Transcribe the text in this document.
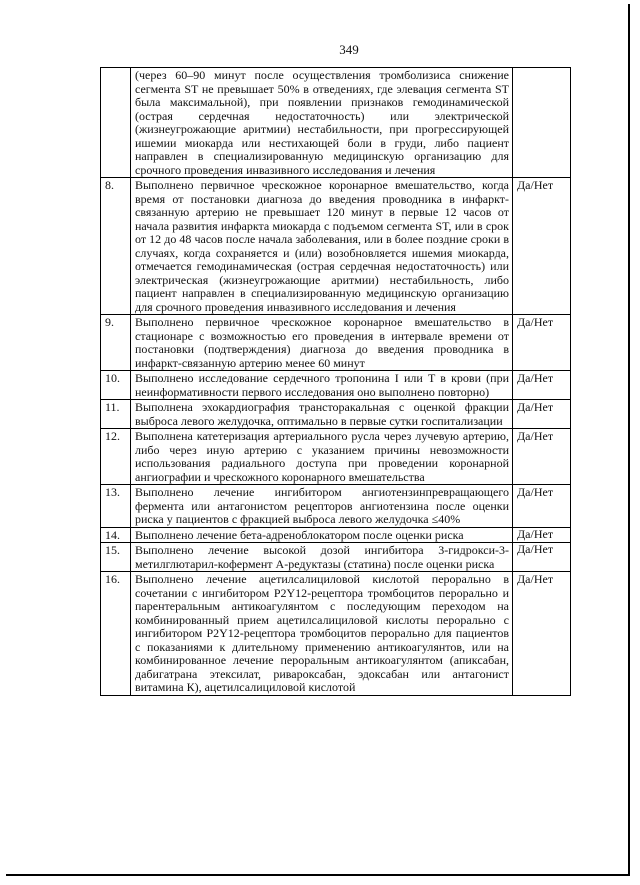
349
	(через 60–90 минут после осуществления тромболизиса снижение сегмента ST не превышает 50% в отведениях, где элевация сегмента ST была максимальной), при появлении признаков гемодинамической (острая сердечная недостаточность) или электрической (жизнеугрожающие аритмии) нестабильности, при прогрессирующей ишемии миокарда или нестихающей боли в груди, либо пациент направлен в специализированную медицинскую организацию для срочного проведения инвазивного исследования и лечения	
8.	Выполнено первичное чрескожное коронарное вмешательство, когда время от постановки диагноза до введения проводника в инфаркт-связанную артерию не превышает 120 минут в первые 12 часов от начала развития инфаркта миокарда с подъемом сегмента ST, или в срок от 12 до 48 часов после начала заболевания, или в более поздние сроки в случаях, когда сохраняется и (или) возобновляется ишемия миокарда, отмечается гемодинамическая (острая сердечная недостаточность) или электрическая (жизнеугрожающие аритмии) нестабильность, либо пациент направлен в специализированную медицинскую организацию для срочного проведения инвазивного исследования и лечения	Да/Нет
9.	Выполнено первичное чрескожное коронарное вмешательство в стационаре с возможностью его проведения в интервале времени от постановки (подтверждения) диагноза до введения проводника в инфаркт-связанную артерию менее 60 минут	Да/Нет
10.	Выполнено исследование сердечного тропонина I или T в крови (при неинформативности первого исследования оно выполнено повторно)	Да/Нет
11.	Выполнена эхокардиография трансторакальная с оценкой фракции выброса левого желудочка, оптимально в первые сутки госпитализации	Да/Нет
12.	Выполнена катетеризация артериального русла через лучевую артерию, либо через иную артерию с указанием причины невозможности использования радиального доступа при проведении коронарной ангиографии и чрескожного коронарного вмешательства	Да/Нет
13.	Выполнено лечение ингибитором ангиотензинпревращающего фермента или антагонистом рецепторов ангиотензина после оценки риска у пациентов с фракцией выброса левого желудочка ≤40%	Да/Нет
14.	Выполнено лечение бета-адреноблокатором после оценки риска	Да/Нет
15.	Выполнено лечение высокой дозой ингибитора 3-гидрокси-3-метилглютарил-кофермент А-редуктазы (статина) после оценки риска	Да/Нет
16.	Выполнено лечение ацетилсалициловой кислотой перорально в сочетании с ингибитором P2Y12-рецептора тромбоцитов перорально и парентеральным антикоагулянтом с последующим переходом на комбинированный прием ацетилсалициловой кислоты перорально с ингибитором P2Y12-рецептора тромбоцитов перорально для пациентов с показаниями к длительному применению антикоагулянтов, или на комбинированное лечение пероральным антикоагулянтом (апиксабан, дабигатрана этексилат, ривароксабан, эдоксабан или антагонист витамина К), ацетилсалициловой кислотой	Да/Нет
